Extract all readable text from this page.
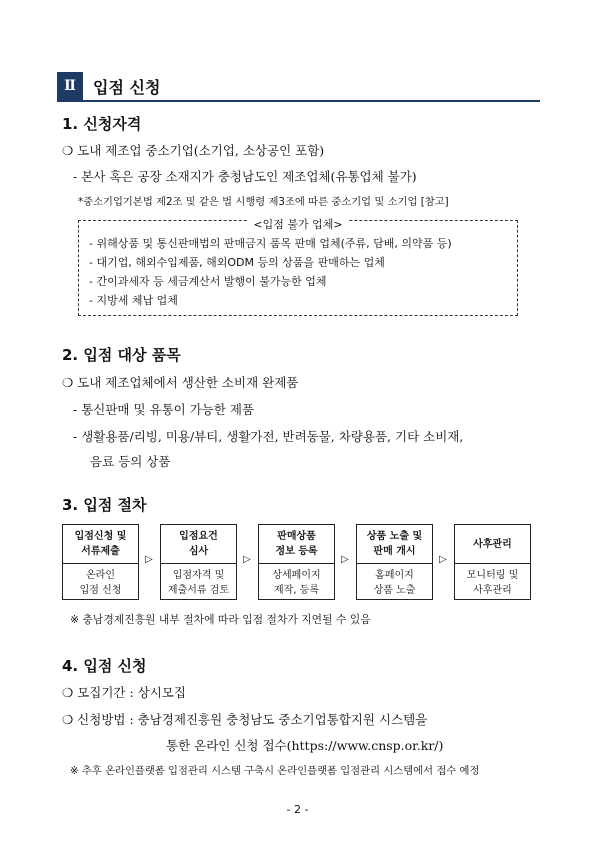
Ⅱ	입점 신청
1. 신청자격
❍ 도내 제조업 중소기업(소기업, 소상공인 포함)
- 본사 혹은 공장 소재지가 충청남도인 제조업체(유통업체 불가)
*중소기업기본법 제2조 및 같은 법 시행령 제3조에 따른 중소기업 및 소기업 [참고]
<입점 불가 업체>
- 위해상품 및 통신판매법의 판매금지 품목 판매 업체(주류, 담배, 의약품 등)
- 대기업, 해외수입제품, 해외ODM 등의 상품을 판매하는 업체
- 간이과세자 등 세금계산서 발행이 불가능한 업체
- 지방세 체납 업체
2. 입점 대상 품목
❍ 도내 제조업체에서 생산한 소비재 완제품
- 통신판매 및 유통이 가능한 제품
- 생활용품/리빙, 미용/뷰티, 생활가전, 반려동물, 차량용품, 기타 소비재,
음료 등의 상품
3. 입점 절차
입점신청 및
서류제출
온라인
입점 신청
▷
입점요건
심사
입점자격 및
제출서류 검토
▷
판매상품
정보 등록
상세페이지
제작, 등록
▷
상품 노출 및
판매 개시
홈페이지
상품 노출
▷
사후관리
모니터링 및
사후관리
※ 충남경제진흥원 내부 절차에 따라 입점 절차가 지연될 수 있음
4. 입점 신청
❍ 모집기간 : 상시모집
❍ 신청방법 : 충남경제진흥원 충청남도 중소기업통합지원 시스템을
통한 온라인 신청 접수(https://www.cnsp.or.kr/)
※ 추후 온라인플랫폼 입점관리 시스템 구축시 온라인플랫폼 입점관리 시스템에서 접수 예정
- 2 -
